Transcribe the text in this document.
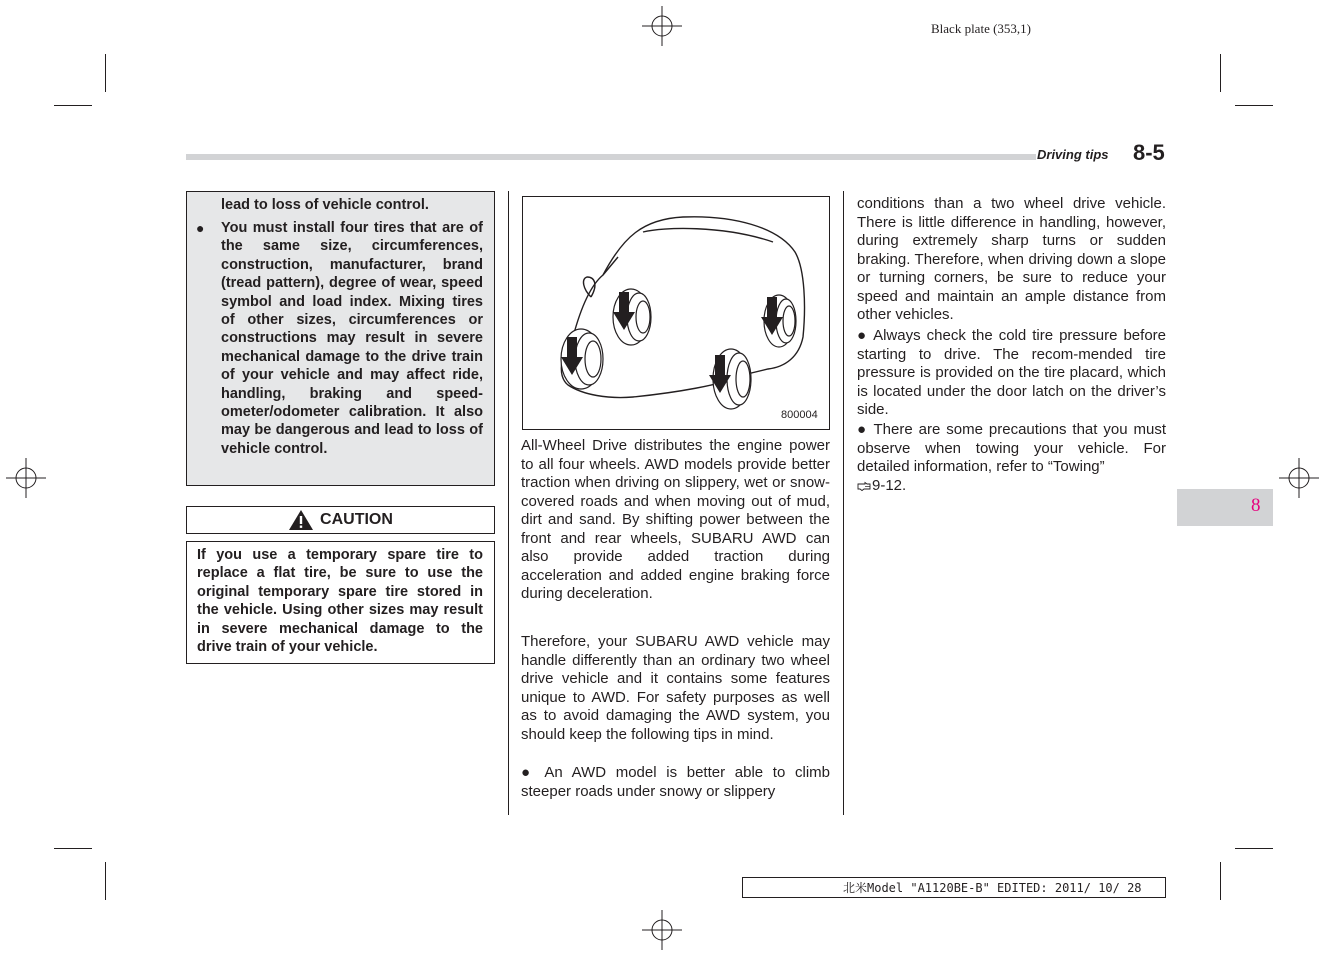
Black plate (353,1)
Driving tips 8-5
lead to loss of vehicle control.
● You must install four tires that are of the same size, circumferences, construction, manufacturer, brand (tread pattern), degree of wear, speed symbol and load index. Mixing tires of other sizes, circumferences or constructions may result in severe mechanical damage to the drive train of your vehicle and may affect ride, handling, braking and speed-ometer/odometer calibration. It also may be dangerous and lead to loss of vehicle control.
CAUTION
If you use a temporary spare tire to replace a flat tire, be sure to use the original temporary spare tire stored in the vehicle. Using other sizes may result in severe mechanical damage to the drive train of your vehicle.
800004
All-Wheel Drive distributes the engine power to all four wheels. AWD models provide better traction when driving on slippery, wet or snow-covered roads and when moving out of mud, dirt and sand. By shifting power between the front and rear wheels, SUBARU AWD can also provide added traction during acceleration and added engine braking force during deceleration.
Therefore, your SUBARU AWD vehicle may handle differently than an ordinary two wheel drive vehicle and it contains some features unique to AWD. For safety purposes as well as to avoid damaging the AWD system, you should keep the following tips in mind.
● An AWD model is better able to climb steeper roads under snowy or slippery
conditions than a two wheel drive vehicle. There is little difference in handling, however, during extremely sharp turns or sudden braking. Therefore, when driving down a slope or turning corners, be sure to reduce your speed and maintain an ample distance from other vehicles.
● Always check the cold tire pressure before starting to drive. The recom-mended tire pressure is provided on the tire placard, which is located under the door latch on the driver’s side.
● There are some precautions that you must observe when towing your vehicle. For detailed information, refer to “Towing”
9-12.
8
北米Model "A1120BE-B" EDITED: 2011/ 10/ 28
